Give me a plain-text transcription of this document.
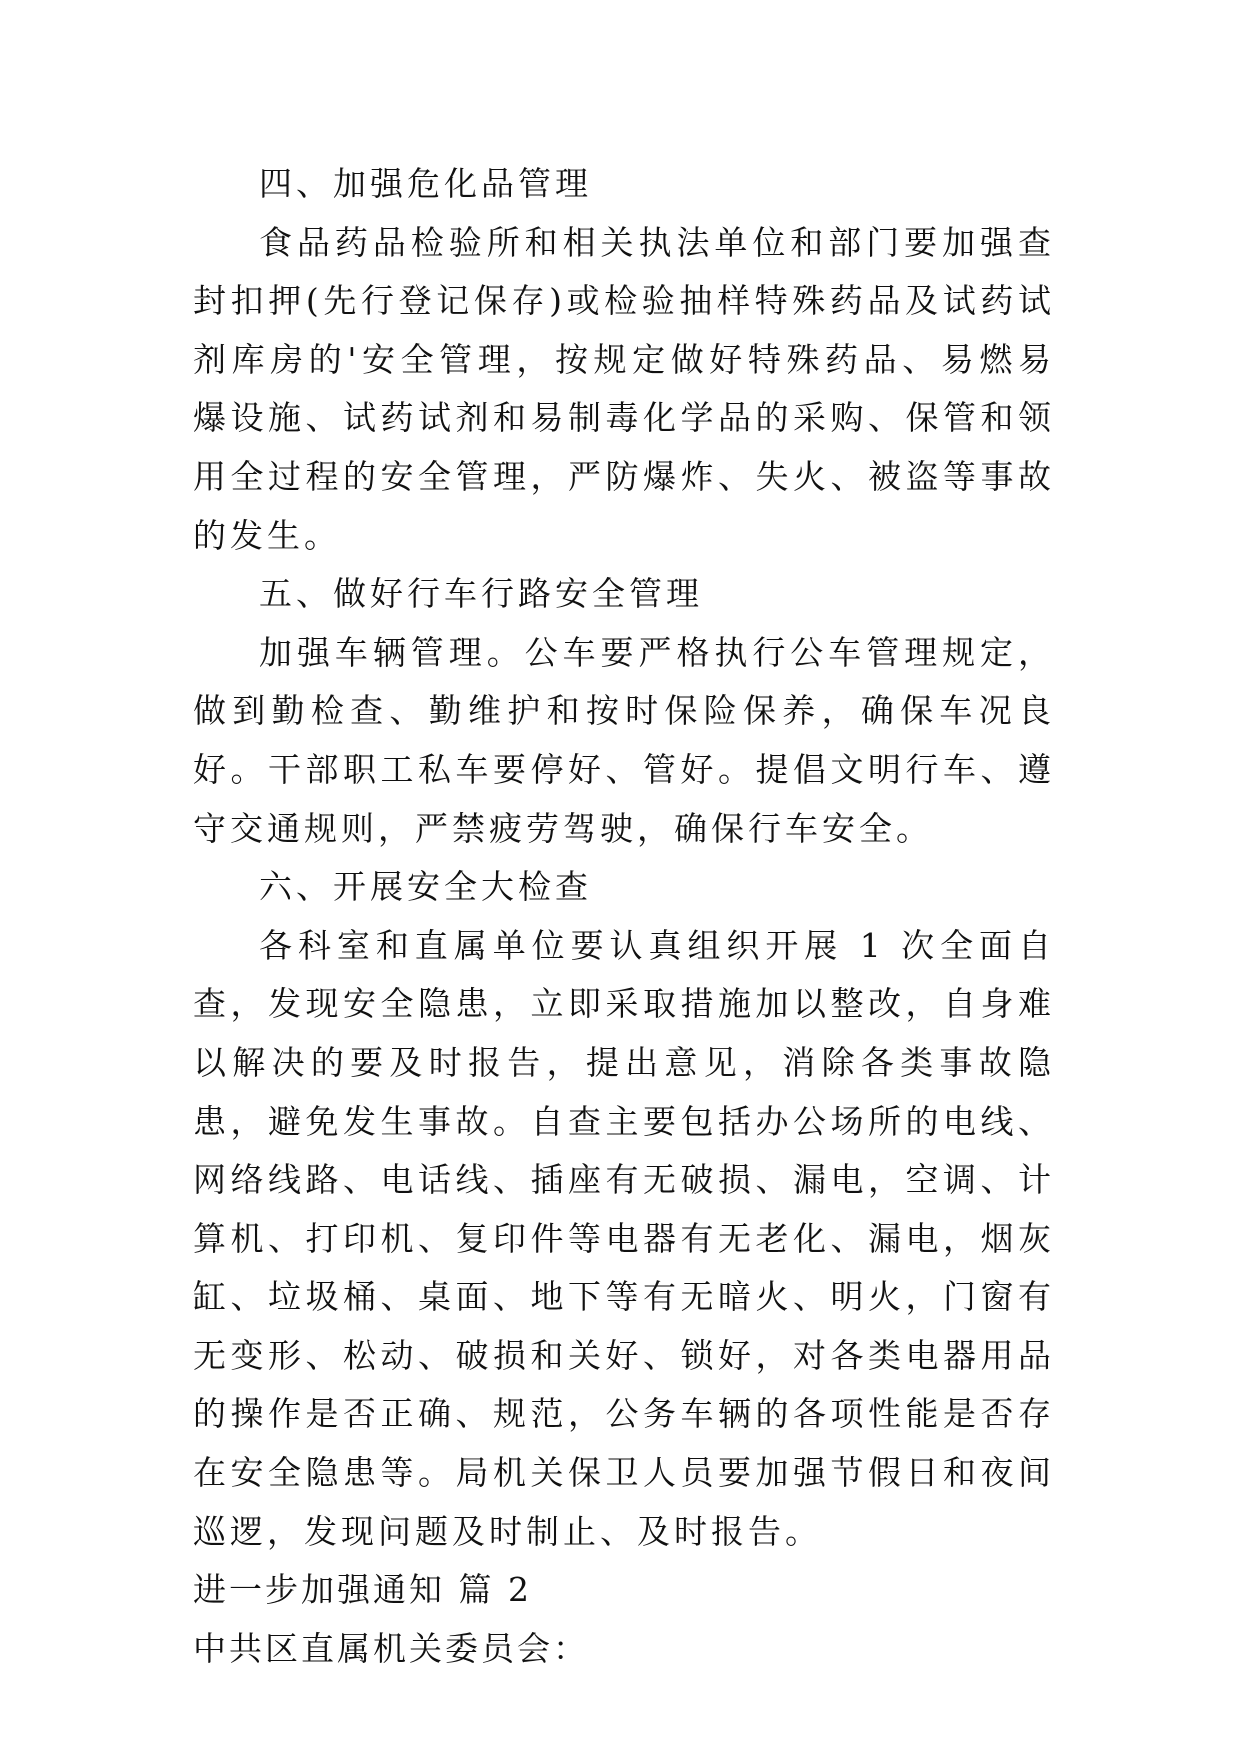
四、加强危化品管理

食品药品检验所和相关执法单位和部门要加强查封扣押(先行登记保存)或检验抽样特殊药品及试药试剂库房的'安全管理，按规定做好特殊药品、易燃易爆设施、试药试剂和易制毒化学品的采购、保管和领用全过程的安全管理，严防爆炸、失火、被盗等事故的发生。

五、做好行车行路安全管理

加强车辆管理。公车要严格执行公车管理规定，做到勤检查、勤维护和按时保险保养，确保车况良好。干部职工私车要停好、管好。提倡文明行车、遵守交通规则，严禁疲劳驾驶，确保行车安全。

六、开展安全大检查

各科室和直属单位要认真组织开展 1 次全面自查，发现安全隐患，立即采取措施加以整改，自身难以解决的要及时报告，提出意见，消除各类事故隐患，避免发生事故。自查主要包括办公场所的电线、网络线路、电话线、插座有无破损、漏电，空调、计算机、打印机、复印件等电器有无老化、漏电，烟灰缸、垃圾桶、桌面、地下等有无暗火、明火，门窗有无变形、松动、破损和关好、锁好，对各类电器用品的操作是否正确、规范，公务车辆的各项性能是否存在安全隐患等。局机关保卫人员要加强节假日和夜间巡逻，发现问题及时制止、及时报告。

进一步加强通知 篇 2

中共区直属机关委员会：
